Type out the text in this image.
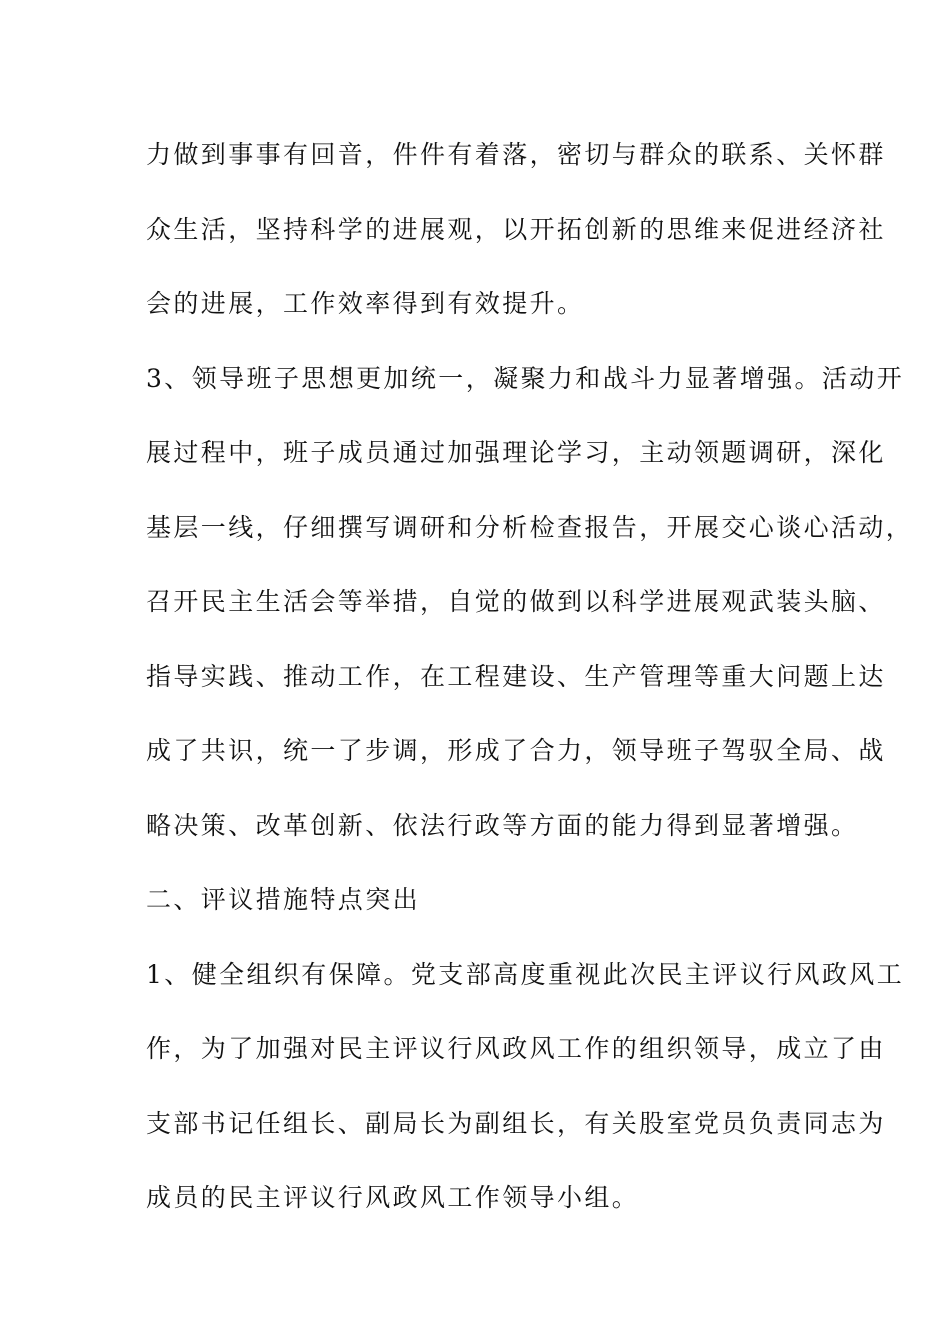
力做到事事有回音，件件有着落，密切与群众的联系、关怀群
众生活，坚持科学的进展观，以开拓创新的思维来促进经济社
会的进展，工作效率得到有效提升。
3、领导班子思想更加统一，凝聚力和战斗力显著增强。活动开
展过程中，班子成员通过加强理论学习，主动领题调研，深化
基层一线，仔细撰写调研和分析检查报告，开展交心谈心活动，
召开民主生活会等举措，自觉的做到以科学进展观武装头脑、
指导实践、推动工作，在工程建设、生产管理等重大问题上达
成了共识，统一了步调，形成了合力，领导班子驾驭全局、战
略决策、改革创新、依法行政等方面的能力得到显著增强。
二、评议措施特点突出
1、健全组织有保障。党支部高度重视此次民主评议行风政风工
作，为了加强对民主评议行风政风工作的组织领导，成立了由
支部书记任组长、副局长为副组长，有关股室党员负责同志为
成员的民主评议行风政风工作领导小组。
